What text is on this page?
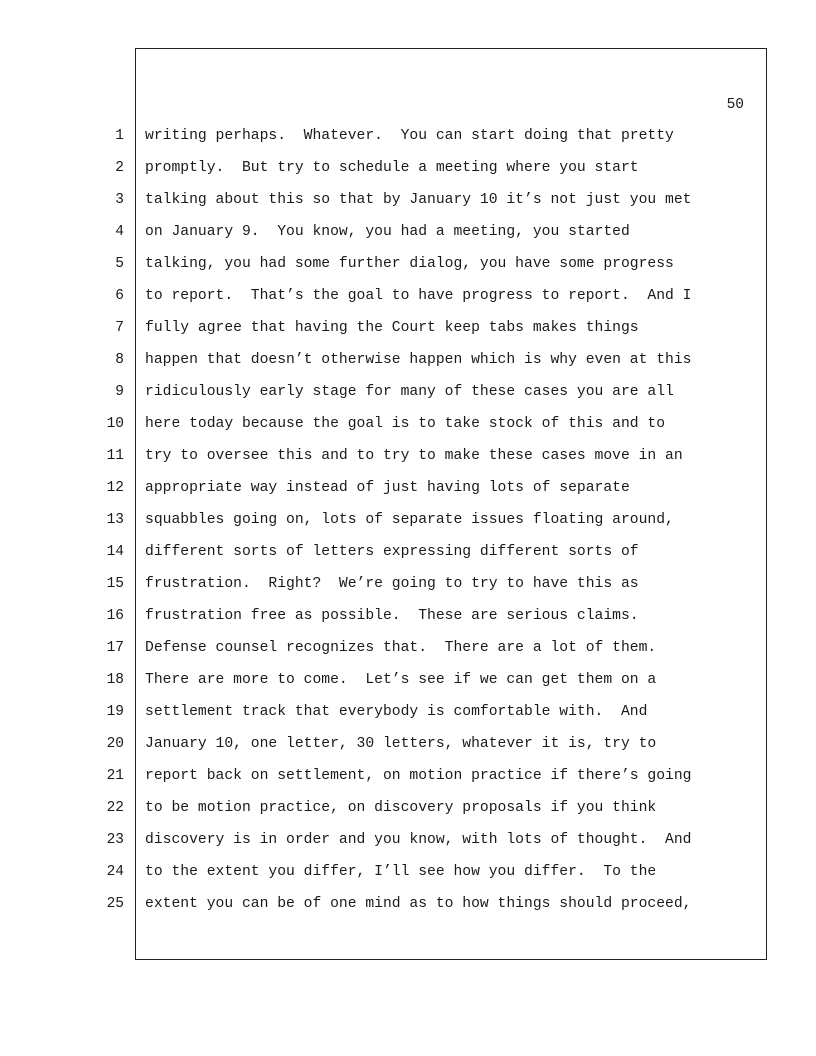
50
1 writing perhaps.  Whatever.  You can start doing that pretty
2 promptly.  But try to schedule a meeting where you start
3 talking about this so that by January 10 it’s not just you met
4 on January 9.  You know, you had a meeting, you started
5 talking, you had some further dialog, you have some progress
6 to report.  That’s the goal to have progress to report.  And I
7 fully agree that having the Court keep tabs makes things
8 happen that doesn’t otherwise happen which is why even at this
9 ridiculously early stage for many of these cases you are all
10 here today because the goal is to take stock of this and to
11 try to oversee this and to try to make these cases move in an
12 appropriate way instead of just having lots of separate
13 squabbles going on, lots of separate issues floating around,
14 different sorts of letters expressing different sorts of
15 frustration.  Right?  We’re going to try to have this as
16 frustration free as possible.  These are serious claims.
17 Defense counsel recognizes that.  There are a lot of them.
18 There are more to come.  Let’s see if we can get them on a
19 settlement track that everybody is comfortable with.  And
20 January 10, one letter, 30 letters, whatever it is, try to
21 report back on settlement, on motion practice if there’s going
22 to be motion practice, on discovery proposals if you think
23 discovery is in order and you know, with lots of thought.  And
24 to the extent you differ, I’ll see how you differ.  To the
25 extent you can be of one mind as to how things should proceed,
